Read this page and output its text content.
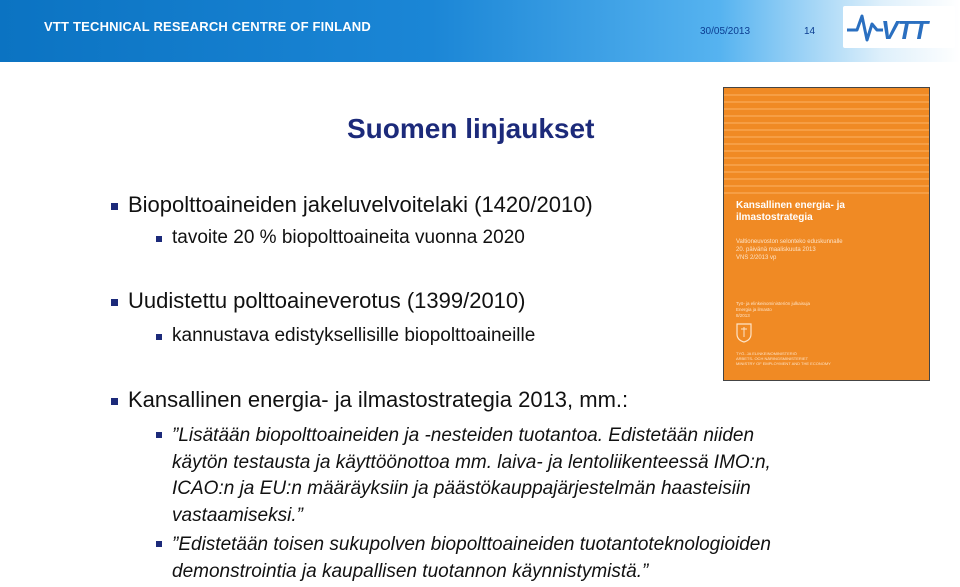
VTT TECHNICAL RESEARCH CENTRE OF FINLAND	30/05/2013	14	VTT
Suomen linjaukset
Biopolttoaineiden jakeluvelvoitelaki (1420/2010)
tavoite 20 % biopolttoaineita vuonna 2020
Uudistettu polttoaineverotus (1399/2010)
kannustava edistyksellisille biopolttoaineille
Kansallinen energia- ja ilmastostrategia 2013, mm.:
”Lisätään biopolttoaineiden ja -nesteiden tuotantoa. Edistetään niiden
käytön testausta ja käyttöönottoa mm. laiva- ja lentoliikenteessä IMO:n,
ICAO:n ja EU:n määräyksiin ja päästökauppajärjestelmän haasteisiin
vastaamiseksi.”
”Edistetään toisen sukupolven biopolttoaineiden tuotantoteknologioiden
demonstrointia ja kaupallisen tuotannon käynnistymistä.”
Kansallinen energia- ja
ilmastostrategia
Valtioneuvoston selonteko eduskunnalle
20. päivänä maaliskuuta 2013
VNS 2/2013 vp
Työ- ja elinkeinoministeriön julkaisuja
Energia ja ilmasto
8/2013
TYÖ- JA ELINKEINOMINISTERIÖ
ARBETS- OCH NÄRINGSMINISTERIET
MINISTRY OF EMPLOYMENT AND THE ECONOMY
